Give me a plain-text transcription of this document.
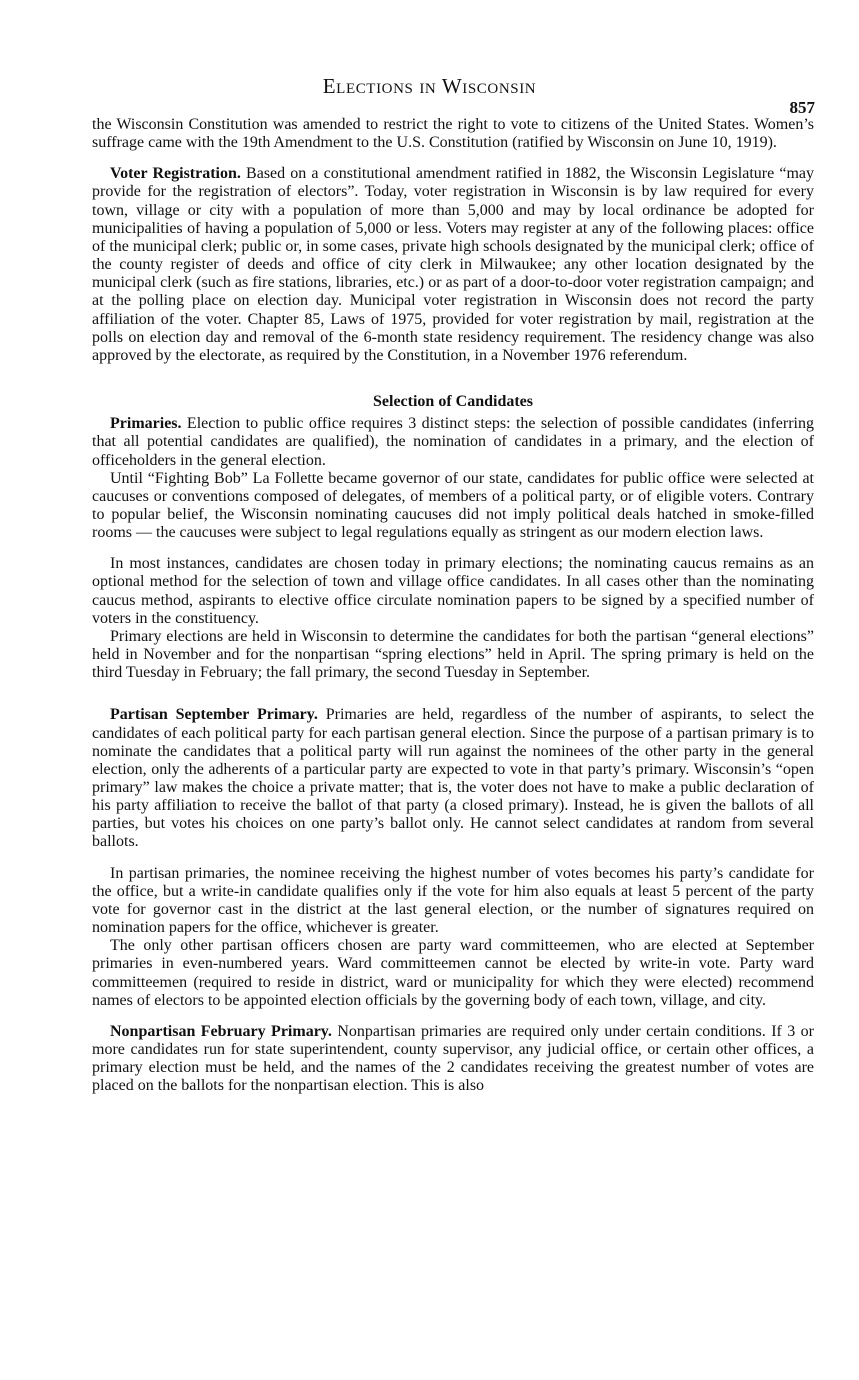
Elections in Wisconsin
857

the Wisconsin Constitution was amended to restrict the right to vote to citizens of the United States. Women’s suffrage came with the 19th Amendment to the U.S. Constitution (ratified by Wisconsin on June 10, 1919).

Voter Registration. Based on a constitutional amendment ratified in 1882, the Wisconsin Legislature “may provide for the registration of electors”. Today, voter registration in Wisconsin is by law required for every town, village or city with a population of more than 5,000 and may by local ordinance be adopted for municipalities of having a population of 5,000 or less. Voters may register at any of the following places: office of the municipal clerk; public or, in some cases, private high schools designated by the municipal clerk; office of the county register of deeds and office of city clerk in Milwaukee; any other location designated by the municipal clerk (such as fire stations, libraries, etc.) or as part of a door-to-door voter registration campaign; and at the polling place on election day. Municipal voter registration in Wisconsin does not record the party affiliation of the voter. Chapter 85, Laws of 1975, provided for voter registration by mail, registration at the polls on election day and removal of the 6-month state residency requirement. The residency change was also approved by the electorate, as required by the Constitution, in a November 1976 referendum.

Selection of Candidates

Primaries. Election to public office requires 3 distinct steps: the selection of possible candidates (inferring that all potential candidates are qualified), the nomination of candidates in a primary, and the election of officeholders in the general election.

Until “Fighting Bob” La Follette became governor of our state, candidates for public office were selected at caucuses or conventions composed of delegates, of members of a political party, or of eligible voters. Contrary to popular belief, the Wisconsin nominating caucuses did not imply political deals hatched in smoke-filled rooms — the caucuses were subject to legal regulations equally as stringent as our modern election laws.

In most instances, candidates are chosen today in primary elections; the nominating caucus remains as an optional method for the selection of town and village office candidates. In all cases other than the nominating caucus method, aspirants to elective office circulate nomination papers to be signed by a specified number of voters in the constituency.

Primary elections are held in Wisconsin to determine the candidates for both the partisan “general elections” held in November and for the nonpartisan “spring elections” held in April. The spring primary is held on the third Tuesday in February; the fall primary, the second Tuesday in September.

Partisan September Primary. Primaries are held, regardless of the number of aspirants, to select the candidates of each political party for each partisan general election. Since the purpose of a partisan primary is to nominate the candidates that a political party will run against the nominees of the other party in the general election, only the adherents of a particular party are expected to vote in that party’s primary. Wisconsin’s “open primary” law makes the choice a private matter; that is, the voter does not have to make a public declaration of his party affiliation to receive the ballot of that party (a closed primary). Instead, he is given the ballots of all parties, but votes his choices on one party’s ballot only. He cannot select candidates at random from several ballots.

In partisan primaries, the nominee receiving the highest number of votes becomes his party’s candidate for the office, but a write-in candidate qualifies only if the vote for him also equals at least 5 percent of the party vote for governor cast in the district at the last general election, or the number of signatures required on nomination papers for the office, whichever is greater.

The only other partisan officers chosen are party ward committeemen, who are elected at September primaries in even-numbered years. Ward committeemen cannot be elected by write-in vote. Party ward committeemen (required to reside in district, ward or municipality for which they were elected) recommend names of electors to be appointed election officials by the governing body of each town, village, and city.

Nonpartisan February Primary. Nonpartisan primaries are required only under certain conditions. If 3 or more candidates run for state superintendent, county supervisor, any judicial office, or certain other offices, a primary election must be held, and the names of the 2 candidates receiving the greatest number of votes are placed on the ballots for the nonpartisan election. This is also
